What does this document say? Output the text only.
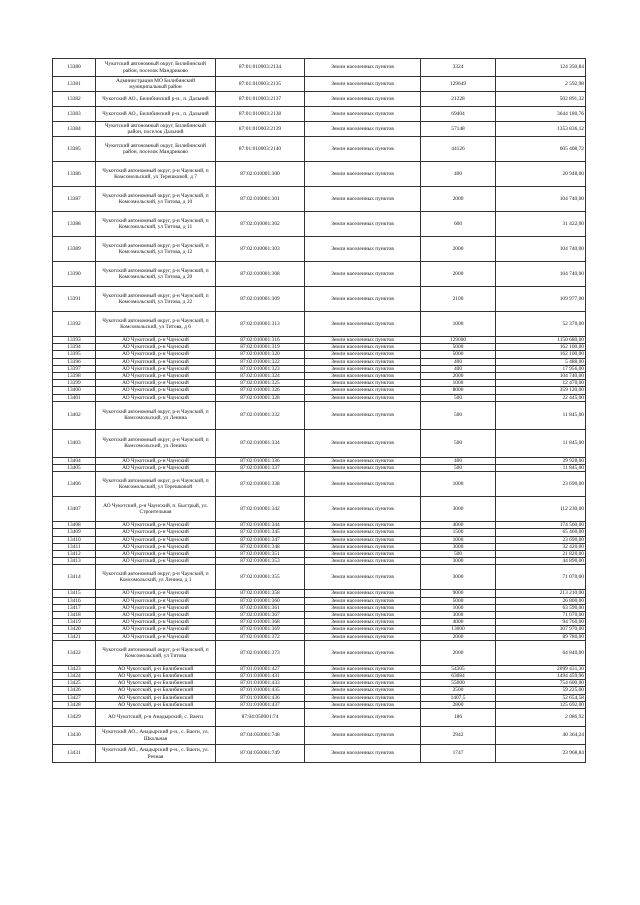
13380	Чукотский автономный округ, Билибинский район, поселок Мандриково	87:01:010003:2134	Земли населенных пунктов	3324	124 350,84
13381	Администрация МО Билибинский муниципальный район	87:01:010003:2135	Земли населенных пунктов	129649	2 592,98
13382	Чукотский АО., Билибинский р-н., п. Дальний	87:01:010003:2137	Земли населенных пунктов	21228	502 891,32
13383	Чукотский АО., Билибинский р-н., п. Дальний	87:01:010003:2138	Земли населенных пунктов	69404	3644 180,76
13384	Чукотский автономный округ, Билибинский район, поселок Дальний	87:01:010003:2139	Земли населенных пунктов	57148	1353 836,12
13385	Чукотский автономный округ, Билибинский район, поселок Мандриково	87:01:010003:2140	Земли населенных пунктов	44126	605 408,72
13386	Чукотский автономный округ, р-н Чаунский, п Комсомольский, ул Терешковой, д 7	87:02:010001:300	Земли населенных пунктов	400	20 948,00
13387	Чукотский автономный округ, р-н Чаунский, п Комсомольский, ул Титова, д 10	87:02:010001:301	Земли населенных пунктов	2000	104 740,00
13388	Чукотский автономный округ, р-н Чаунский, п Комсомольский, ул Титова, д 11	87:02:010001:302	Земли населенных пунктов	600	31 422,00
13389	Чукотский автономный округ, р-н Чаунский, п Комсомольский, ул Титова, д 12	87:02:010001:303	Земли населенных пунктов	2000	104 740,00
13390	Чукотский автономный округ, р-н Чаунский, п Комсомольский, ул Титова, д 20	87:02:010001:308	Земли населенных пунктов	2000	104 740,00
13391	Чукотский автономный округ, р-н Чаунский, п Комсомольский, ул Титова, д 22	87:02:010001:309	Земли населенных пунктов	2100	109 977,00
13392	Чукотский автономный округ, р-н Чаунский, п Комсомольский, ул Титова, д 6	87:02:010001:313	Земли населенных пунктов	1000	52 370,00
13393	АО Чукотский, р-н Чаунский	87:02:010001:316	Земли населенных пунктов	129000	1150 680,00
13394	АО Чукотский, р-н Чаунский	87:02:010001:319	Земли населенных пунктов	5000	162 100,00
13395	АО Чукотский, р-н Чаунский	87:02:010001:320	Земли населенных пунктов	5000	162 100,00
13396	АО Чукотский, р-н Чаунский	87:02:010001:322	Земли населенных пунктов	400	5 488,00
13397	АО Чукотский, р-н Чаунский	87:02:010001:323	Земли населенных пунктов	400	17 956,00
13398	АО Чукотский, р-н Чаунский	87:02:010001:324	Земли населенных пунктов	2000	104 740,00
13399	АО Чукотский, р-н Чаунский	87:02:010001:325	Земли населенных пунктов	1000	12 470,00
13400	АО Чукотский, р-н Чаунский	87:02:010001:326	Земли населенных пунктов	8000	359 120,00
13401	АО Чукотский, р-н Чаунский	87:02:010001:328	Земли населенных пунктов	500	22 445,00
13402	Чукотский автономный округ, р-н Чаунский, п Комсомольский, ул Ленина	87:02:010001:332	Земли населенных пунктов	500	11 845,00
13403	Чукотский автономный округ, р-н Чаунский, п Комсомольский, ул Ленина	87:02:010001:334	Земли населенных пунктов	500	11 845,00
13404	АО Чукотский, р-н Чаунский	87:02:010001:336	Земли населенных пунктов	400	29 928,00
13405	АО Чукотский, р-н Чаунский	87:02:010001:337	Земли населенных пунктов	500	11 845,00
13406	Чукотский автономный округ, р-н Чаунский, п Комсомольский, ул Терешковой	87:02:010001:338	Земли населенных пунктов	1000	23 690,00
13407	АО Чукотский, р-н Чаунский, п. Быстрый, ул. Строительная	87:02:010001:342	Земли населенных пунктов	3000	112 230,00
13408	АО Чукотский, р-н Чаунский	87:02:010001:344	Земли населенных пунктов	4000	174 560,00
13409	АО Чукотский, р-н Чаунский	87:02:010001:345	Земли населенных пунктов	1500	65 460,00
13410	АО Чукотский, р-н Чаунский	87:02:010001:347	Земли населенных пунктов	1000	23 690,00
13411	АО Чукотский, р-н Чаунский	87:02:010001:348	Земли населенных пунктов	3000	32 420,00
13412	АО Чукотский, р-н Чаунский	87:02:010001:351	Земли населенных пунктов	500	21 820,00
13413	АО Чукотский, р-н Чаунский	87:02:010001:353	Земли населенных пунктов	3000	44 890,00
13414	Чукотский автономный округ, р-н Чаунский, п Комсомольский, ул Ленина, д 1	87:02:010001:355	Земли населенных пунктов	3000	71 070,00
13415	АО Чукотский, р-н Чаунский	87:02:010001:358	Земли населенных пунктов	9000	213 210,00
13416	АО Чукотский, р-н Чаунский	87:02:010001:360	Земли населенных пунктов	5000	26 800,00
13417	АО Чукотский, р-н Чаунский	87:02:010001:361	Земли населенных пунктов	1000	63 590,00
13418	АО Чукотский, р-н Чаунский	87:02:010001:367	Земли населенных пунктов	3000	71 070,00
13419	АО Чукотский, р-н Чаунский	87:02:010001:368	Земли населенных пунктов	4000	94 760,00
13420	АО Чукотский, р-н Чаунский	87:02:010001:369	Земли населенных пунктов	13000	307 970,00
13421	АО Чукотский, р-н Чаунский	87:02:010001:372	Земли населенных пунктов	2000	89 780,00
13422	Чукотский автономный округ, р-н Чаунский, п Комсомольский, ул Титова	87:02:010001:373	Земли населенных пунктов	2000	64 840,00
13423	АО Чукотский, р-н Билибинский	87:01:010001:427	Земли населенных пунктов	54305	2099 431,30
13424	АО Чукотский, р-н Билибинский	87:01:010001:431	Земли населенных пунктов	63084	1494 459,96
13425	АО Чукотский, р-н Билибинский	87:01:010001:433	Земли населенных пунктов	55000	754 600,00
13426	АО Чукотский, р-н Билибинский	87:01:010001:435	Земли населенных пунктов	2500	59 225,00
13427	АО Чукотский, р-н Билибинский	87:01:010001:436	Земли населенных пунктов	1407,5	52 654,58
13428	АО Чукотский, р-н Билибинский	87:01:010001:437	Земли населенных пунктов	2800	125 692,00
13429	АО Чукотский, р-н Анадырский, с. Ваеги	87:04:050001:74	Земли населенных пунктов	186	2 086,92
13430	Чукотский АО., Анадырский р-н., с. Ваеги, ул. Школьная	87:04:050001:748	Земли населенных пунктов	2942	40 364,24
13431	Чукотский АО., Анадырский р-н., с. Ваеги, ул. Речная	87:04:050001:749	Земли населенных пунктов	1747	23 968,84
